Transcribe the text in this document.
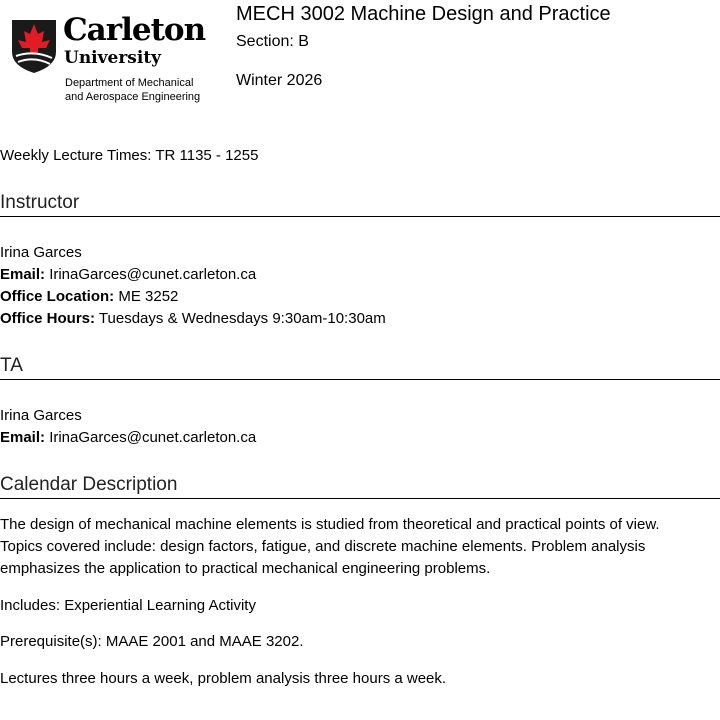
Carleton
University
Department of Mechanical
and Aerospace Engineering
MECH 3002 Machine Design and Practice
Section: B
Winter 2026
Weekly Lecture Times: TR 1135 - 1255
Instructor
Irina Garces
Email: IrinaGarces@cunet.carleton.ca
Office Location: ME 3252
Office Hours: Tuesdays & Wednesdays 9:30am-10:30am
TA
Irina Garces
Email: IrinaGarces@cunet.carleton.ca
Calendar Description
The design of mechanical machine elements is studied from theoretical and practical points of view. Topics covered include: design factors, fatigue, and discrete machine elements. Problem analysis emphasizes the application to practical mechanical engineering problems.
Includes: Experiential Learning Activity
Prerequisite(s): MAAE 2001 and MAAE 3202.
Lectures three hours a week, problem analysis three hours a week.
